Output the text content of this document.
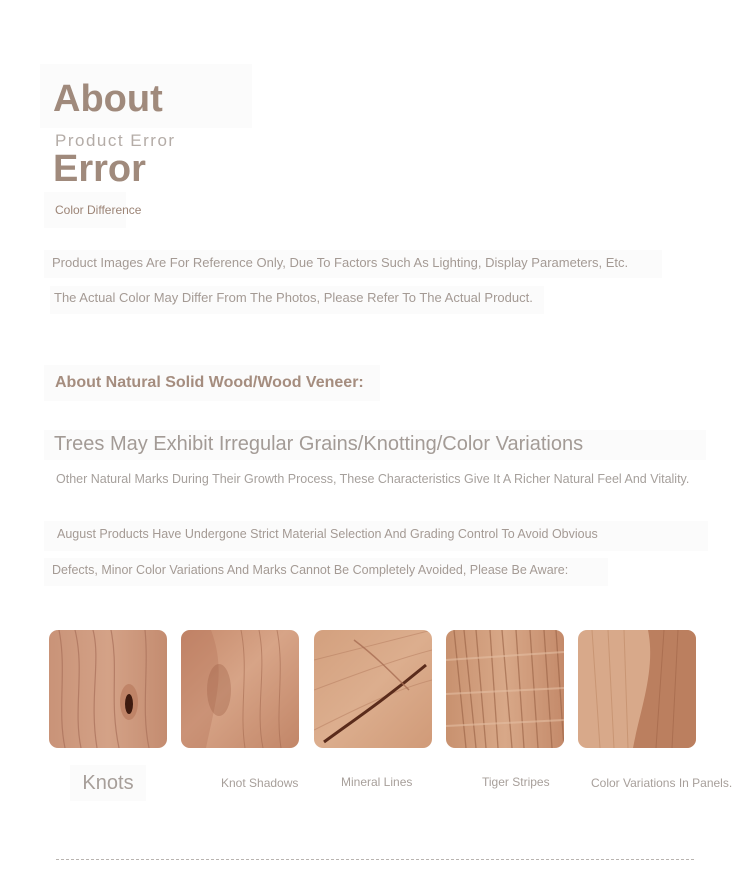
About Error
Product Error
Color Difference
Product Images Are For Reference Only, Due To Factors Such As Lighting, Display Parameters, Etc.
The Actual Color May Differ From The Photos, Please Refer To The Actual Product.
About Natural Solid Wood/Wood Veneer:
Trees May Exhibit Irregular Grains/Knotting/Color Variations
Other Natural Marks During Their Growth Process, These Characteristics Give It A Richer Natural Feel And Vitality.
August Products Have Undergone Strict Material Selection And Grading Control To Avoid Obvious
Defects, Minor Color Variations And Marks Cannot Be Completely Avoided, Please Be Aware:
Knots	Knot Shadows	Mineral Lines	Tiger Stripes	Color Variations In Panels.
